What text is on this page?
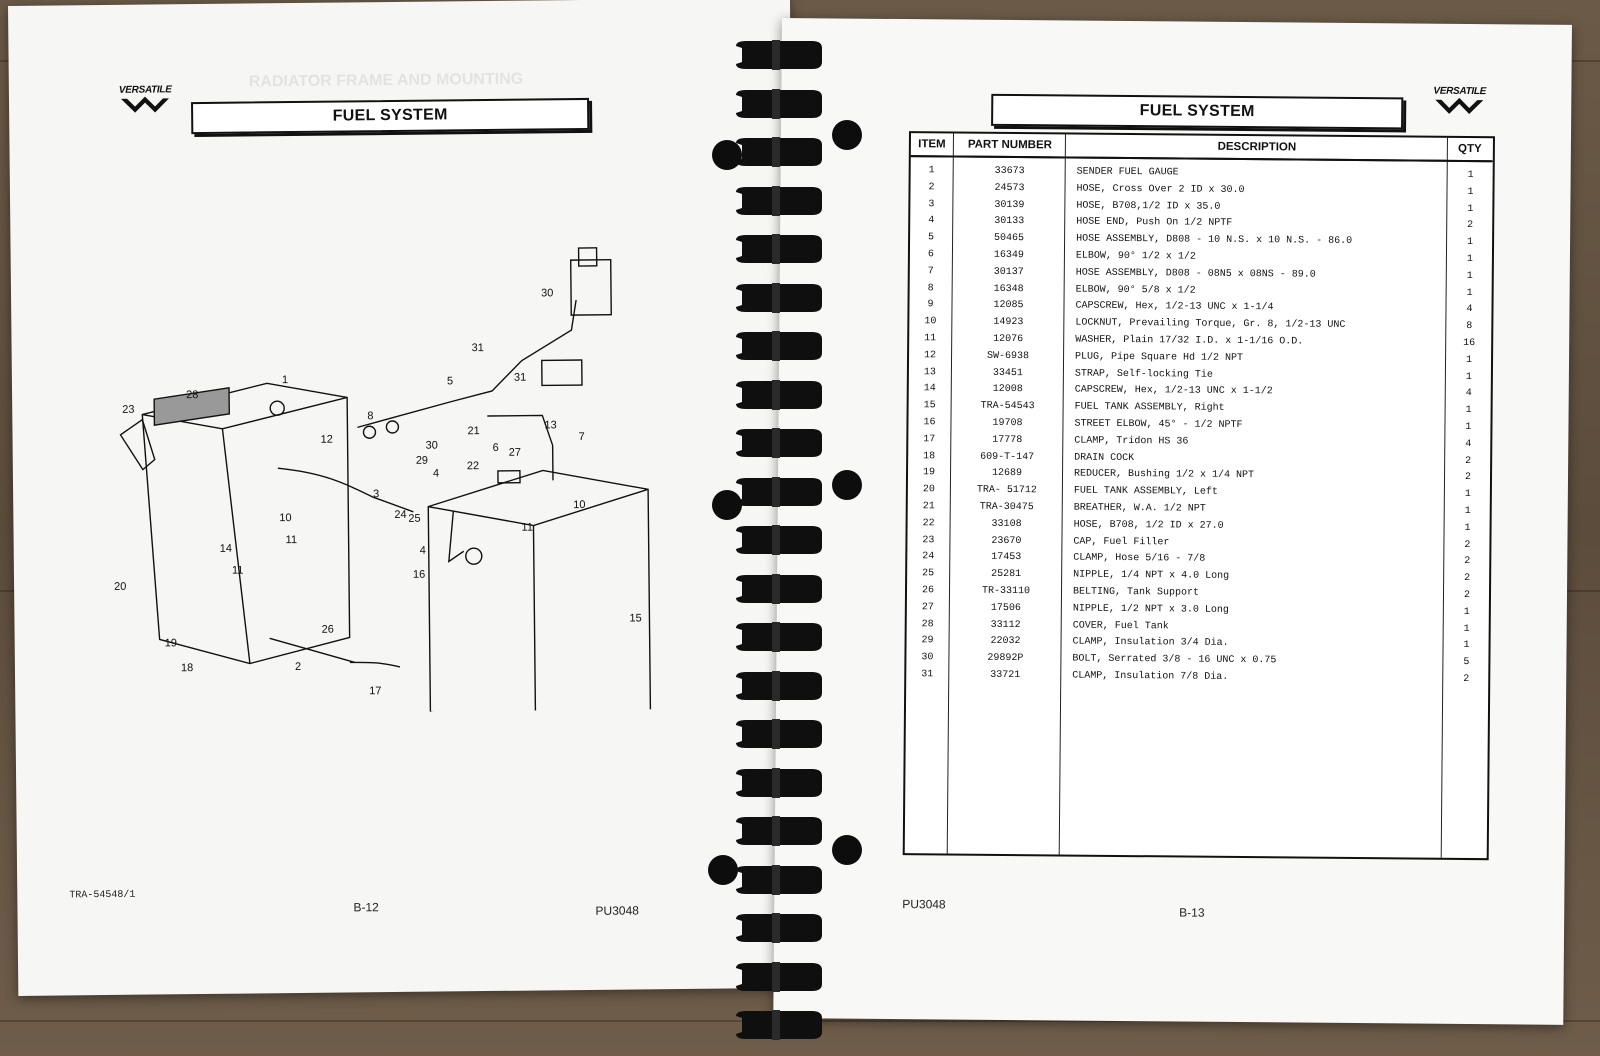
RADIATOR FRAME AND MOUNTING
VERSATILE
FUEL SYSTEM
1
2
3
4
4
5
6
7
8
10
10
11
11
11
12
13
14
15
16
17
18
19
20
21
22
23
24 25
26
27
28
29
30
30
31
31
TRA-54548/1
B-12	PU3048
VERSATILE
FUEL SYSTEM
ITEM	PART NUMBER	DESCRIPTION	QTY
1	33673	SENDER FUEL GAUGE	1
2	24573	HOSE, Cross Over 2 ID x 30.0	1
3	30139	HOSE, B708,1/2 ID x 35.0	1
4	30133	HOSE END, Push On 1/2 NPTF	2
5	50465	HOSE ASSEMBLY, D808 - 10 N.S. x 10 N.S. - 86.0	1
6	16349	ELBOW, 90° 1/2 x 1/2	1
7	30137	HOSE ASSEMBLY, D808 - 08N5 x 08NS - 89.0	1
8	16348	ELBOW, 90° 5/8 x 1/2	1
9	12085	CAPSCREW, Hex, 1/2-13 UNC x 1-1/4	4
10	14923	LOCKNUT, Prevailing Torque, Gr. 8, 1/2-13 UNC	8
11	12076	WASHER, Plain 17/32 I.D. x 1-1/16 O.D.	16
12	SW-6938	PLUG, Pipe Square Hd 1/2 NPT	1
13	33451	STRAP, Self-locking Tie	1
14	12008	CAPSCREW, Hex, 1/2-13 UNC x 1-1/2	4
15	TRA-54543	FUEL TANK ASSEMBLY, Right	1
16	19708	STREET ELBOW, 45° - 1/2 NPTF	1
17	17778	CLAMP, Tridon HS 36	4
18	609-T-147	DRAIN COCK	2
19	12689	REDUCER, Bushing 1/2 x 1/4 NPT	2
20	TRA- 51712	FUEL TANK ASSEMBLY, Left	1
21	TRA-30475	BREATHER, W.A. 1/2 NPT	1
22	33108	HOSE, B708, 1/2 ID x 27.0	1
23	23670	CAP, Fuel Filler	2
24	17453	CLAMP, Hose 5/16 - 7/8	2
25	25281	NIPPLE, 1/4 NPT x 4.0 Long	2
26	TR-33110	BELTING, Tank Support	2
27	17506	NIPPLE, 1/2 NPT x 3.0 Long	1
28	33112	COVER, Fuel Tank	1
29	22032	CLAMP, Insulation 3/4 Dia.	1
30	29892P	BOLT, Serrated 3/8 - 16 UNC x 0.75	5
31	33721	CLAMP, Insulation 7/8 Dia.	2
PU3048
B-13
